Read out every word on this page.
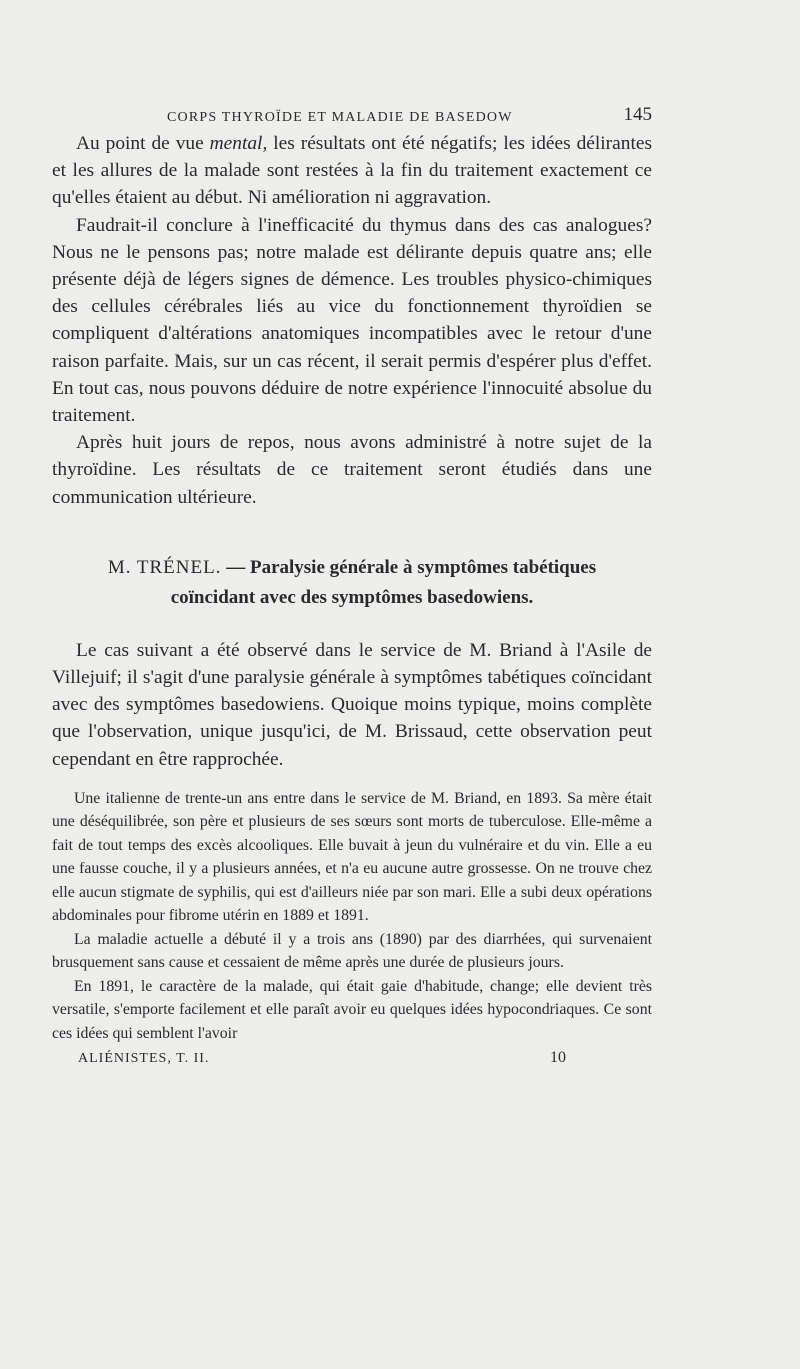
CORPS THYROÏDE ET MALADIE DE BASEDOW	145

Au point de vue mental, les résultats ont été négatifs; les idées délirantes et les allures de la malade sont restées à la fin du traitement exactement ce qu'elles étaient au début. Ni amélioration ni aggravation.

Faudrait-il conclure à l'inefficacité du thymus dans des cas analogues? Nous ne le pensons pas; notre malade est délirante depuis quatre ans; elle présente déjà de légers signes de démence. Les troubles physico-chimiques des cellules cérébrales liés au vice du fonctionnement thyroïdien se compliquent d'altérations anatomiques incompatibles avec le retour d'une raison parfaite. Mais, sur un cas récent, il serait permis d'espérer plus d'effet. En tout cas, nous pouvons déduire de notre expérience l'innocuité absolue du traitement.

Après huit jours de repos, nous avons administré à notre sujet de la thyroïdine. Les résultats de ce traitement seront étudiés dans une communication ultérieure.

M. TRÉNEL. — Paralysie générale à symptômes tabétiques
coïncidant avec des symptômes basedowiens.

Le cas suivant a été observé dans le service de M. Briand à l'Asile de Villejuif; il s'agit d'une paralysie générale à symptômes tabétiques coïncidant avec des symptômes basedowiens. Quoique moins typique, moins complète que l'observation, unique jusqu'ici, de M. Brissaud, cette observation peut cependant en être rapprochée.

Une italienne de trente-un ans entre dans le service de M. Briand, en 1893. Sa mère était une déséquilibrée, son père et plusieurs de ses sœurs sont morts de tuberculose. Elle-même a fait de tout temps des excès alcooliques. Elle buvait à jeun du vulnéraire et du vin. Elle a eu une fausse couche, il y a plusieurs années, et n'a eu aucune autre grossesse. On ne trouve chez elle aucun stigmate de syphilis, qui est d'ailleurs niée par son mari. Elle a subi deux opérations abdominales pour fibrome utérin en 1889 et 1891.

La maladie actuelle a débuté il y a trois ans (1890) par des diarrhées, qui survenaient brusquement sans cause et cessaient de même après une durée de plusieurs jours.

En 1891, le caractère de la malade, qui était gaie d'habitude, change; elle devient très versatile, s'emporte facilement et elle paraît avoir eu quelques idées hypocondriaques. Ce sont ces idées qui semblent l'avoir

ALIÉNISTES, T. II.	10
